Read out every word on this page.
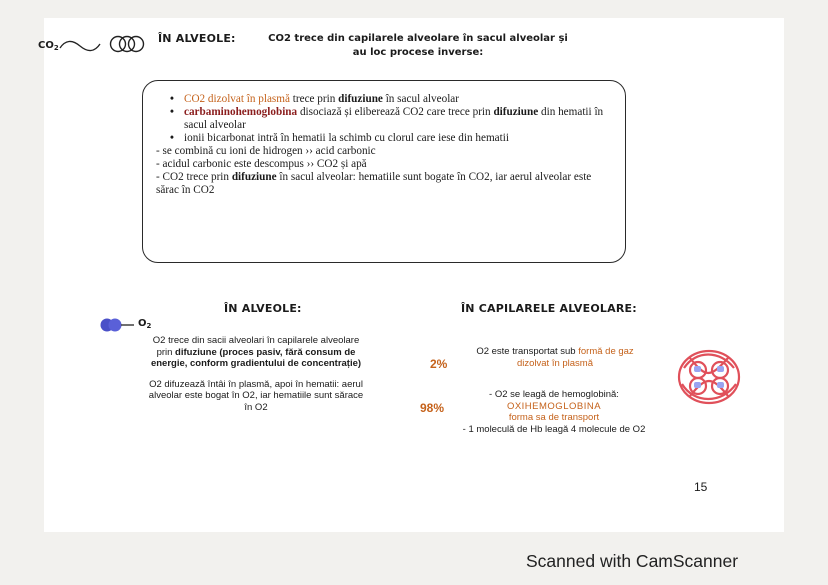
$CO_2$
ÎN ALVEOLE:	CO2 trece din capilarele alveolare în sacul alveolar și au loc procese inverse:
• CO2 dizolvat în plasmă trece prin difuziune în sacul alveolar
• carbaminohemoglobina disociază și eliberează CO2 care trece prin difuziune din hematii în sacul alveolar
• ionii bicarbonat intră în hematii la schimb cu clorul care iese din hematii
- se combină cu ioni de hidrogen ›› acid carbonic
- acidul carbonic este descompus ›› CO2 și apă
- CO2 trece prin difuziune în sacul alveolar: hematiile sunt bogate în CO2, iar aerul alveolar este sărac în CO2
$O_2$
ÎN ALVEOLE:	ÎN CAPILARELE ALVEOLARE:

O2 trece din sacii alveolari în capilarele alveolare prin difuziune (proces pasiv, fără consum de energie, conform gradientului de concentrație)

O2 difuzează întâi în plasmă, apoi în hematii: aerul alveolar este bogat în O2, iar hematiile sunt sărace în O2

2%
O2 este transportat sub formă de gaz dizolvat în plasmă
98%
- O2 se leagă de hemoglobină:
OXIHEMOGLOBINA
forma sa de transport
- 1 moleculă de Hb leagă 4 molecule de O2
15
Scanned with CamScanner
